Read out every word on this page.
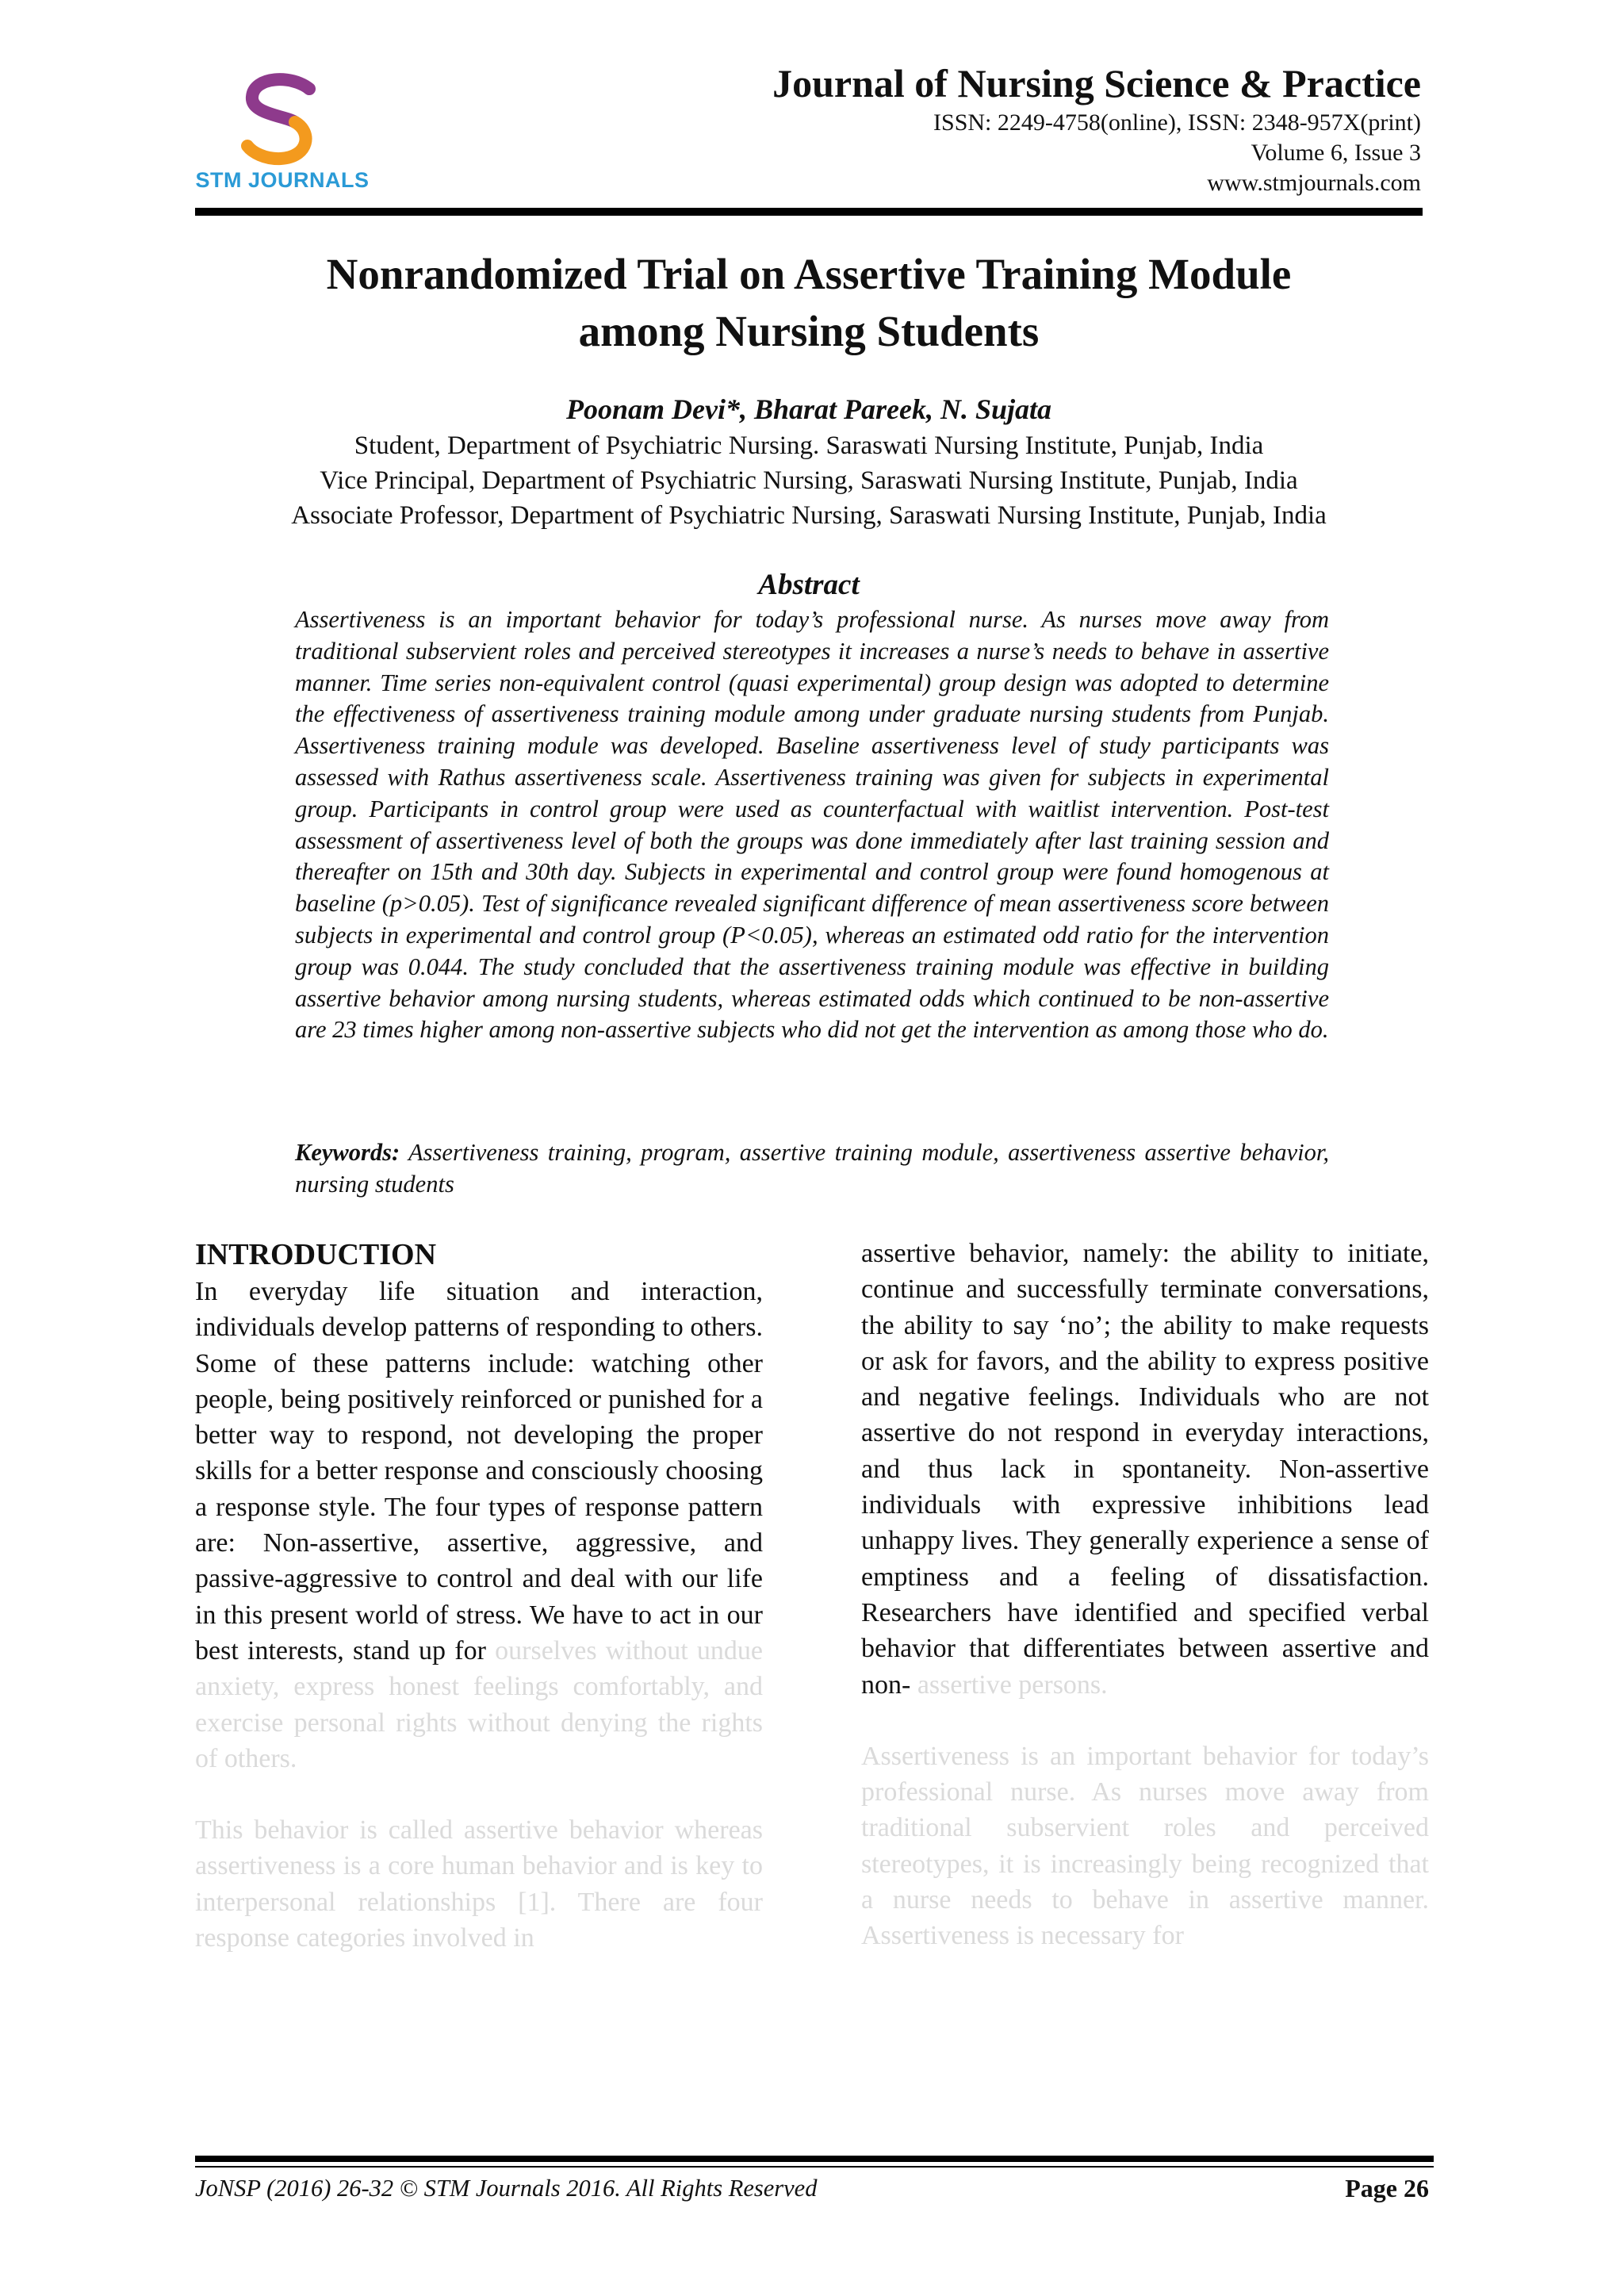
STM JOURNALS
Journal of Nursing Science & Practice
ISSN: 2249-4758(online), ISSN: 2348-957X(print)
Volume 6, Issue 3
www.stmjournals.com
Nonrandomized Trial on Assertive Training Module
among Nursing Students
Poonam Devi*, Bharat Pareek, N. Sujata
Student, Department of Psychiatric Nursing. Saraswati Nursing Institute, Punjab, India
Vice Principal, Department of Psychiatric Nursing, Saraswati Nursing Institute, Punjab, India
Associate Professor, Department of Psychiatric Nursing, Saraswati Nursing Institute, Punjab, India
Abstract
Assertiveness is an important behavior for today’s professional nurse. As nurses move away from traditional subservient roles and perceived stereotypes it increases a nurse’s needs to behave in assertive manner. Time series non-equivalent control (quasi experimental) group design was adopted to determine the effectiveness of assertiveness training module among under graduate nursing students from Punjab. Assertiveness training module was developed. Baseline assertiveness level of study participants was assessed with Rathus assertiveness scale. Assertiveness training was given for subjects in experimental group. Participants in control group were used as counterfactual with waitlist intervention. Post-test assessment of assertiveness level of both the groups was done immediately after last training session and thereafter on 15th and 30th day. Subjects in experimental and control group were found homogenous at baseline (p>0.05). Test of significance revealed significant difference of mean assertiveness score between subjects in experimental and control group (P<0.05), whereas an estimated odd ratio for the intervention group was 0.044. The study concluded that the assertiveness training module was effective in building assertive behavior among nursing students, whereas estimated odds which continued to be non-assertive are 23 times higher among non-assertive subjects who did not get the intervention as among those who do.
Keywords: Assertiveness training, program, assertive training module, assertiveness assertive behavior, nursing students
INTRODUCTION

In everyday life situation and interaction, individuals develop patterns of responding to others. Some of these patterns include: watching other people, being positively reinforced or punished for a better way to respond, not developing the proper skills for a better response and consciously choosing a response style. The four types of response pattern are: Non-assertive, assertive, aggressive, and passive-aggressive to control and deal with our life in this present world of stress. We have to act in our best interests, stand up for ourselves without undue anxiety, express honest feelings comfortably, and exercise personal rights without denying the rights of others.

This behavior is called assertive behavior whereas assertiveness is a core human behavior and is key to interpersonal relationships [1]. There are four response categories involved in

assertive behavior, namely: the ability to initiate, continue and successfully terminate conversations, the ability to say ‘no’; the ability to make requests or ask for favors, and the ability to express positive and negative feelings. Individuals who are not assertive do not respond in everyday interactions, and thus lack in spontaneity. Non-assertive individuals with expressive inhibitions lead unhappy lives. They generally experience a sense of emptiness and a feeling of dissatisfaction. Researchers have identified and specified verbal behavior that differentiates between assertive and non- assertive persons.

Assertiveness is an important behavior for today’s professional nurse. As nurses move away from traditional subservient roles and perceived stereotypes, it is increasingly being recognized that a nurse needs to behave in assertive manner. Assertiveness is necessary for

JoNSP (2016) 26-32 © STM Journals 2016. All Rights Reserved	Page 26
